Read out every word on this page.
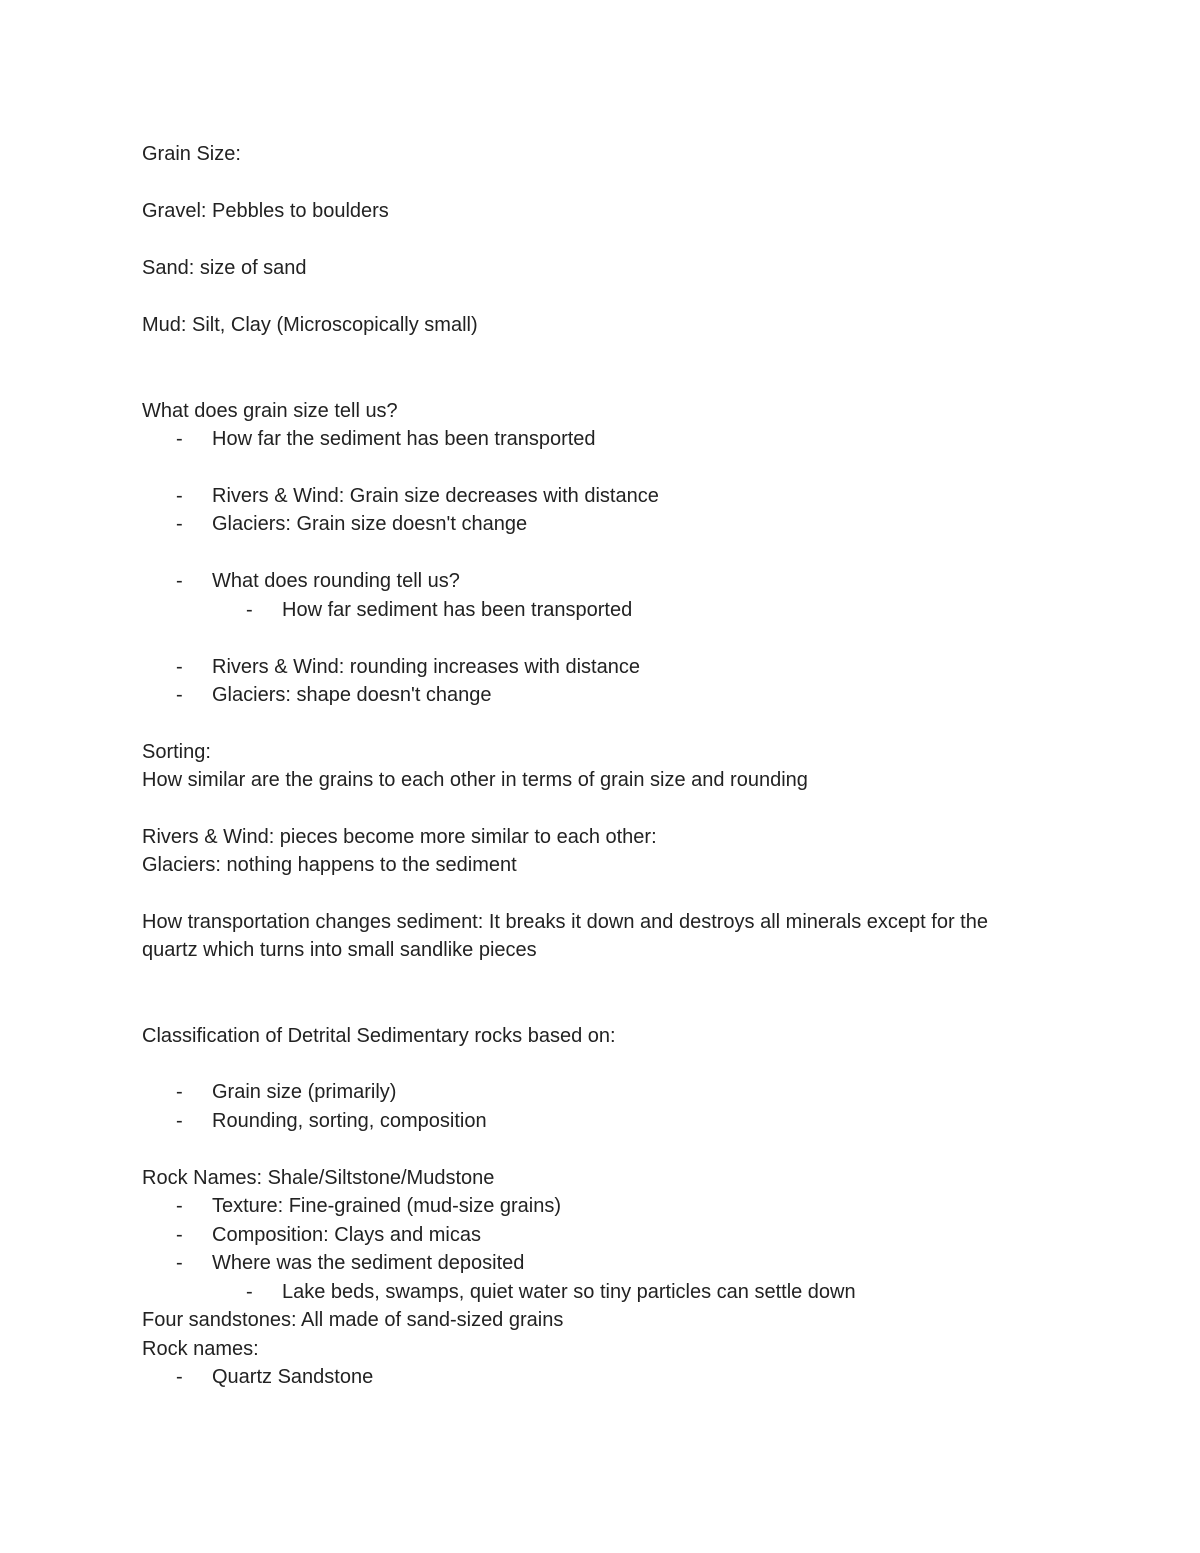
Grain Size:
Gravel: Pebbles to boulders
Sand: size of sand
Mud: Silt, Clay (Microscopically small)
What does grain size tell us?
- How far the sediment has been transported
- Rivers & Wind: Grain size decreases with distance
- Glaciers: Grain size doesn't change
- What does rounding tell us?
- How far sediment has been transported
- Rivers & Wind: rounding increases with distance
- Glaciers: shape doesn't change
Sorting:
How similar are the grains to each other in terms of grain size and rounding
Rivers & Wind: pieces become more similar to each other:
Glaciers: nothing happens to the sediment
How transportation changes sediment: It breaks it down and destroys all minerals except for the
quartz which turns into small sandlike pieces
Classification of Detrital Sedimentary rocks based on:
- Grain size (primarily)
- Rounding, sorting, composition
Rock Names: Shale/Siltstone/Mudstone
- Texture: Fine-grained (mud-size grains)
- Composition: Clays and micas
- Where was the sediment deposited
- Lake beds, swamps, quiet water so tiny particles can settle down
Four sandstones: All made of sand-sized grains
Rock names:
- Quartz Sandstone
